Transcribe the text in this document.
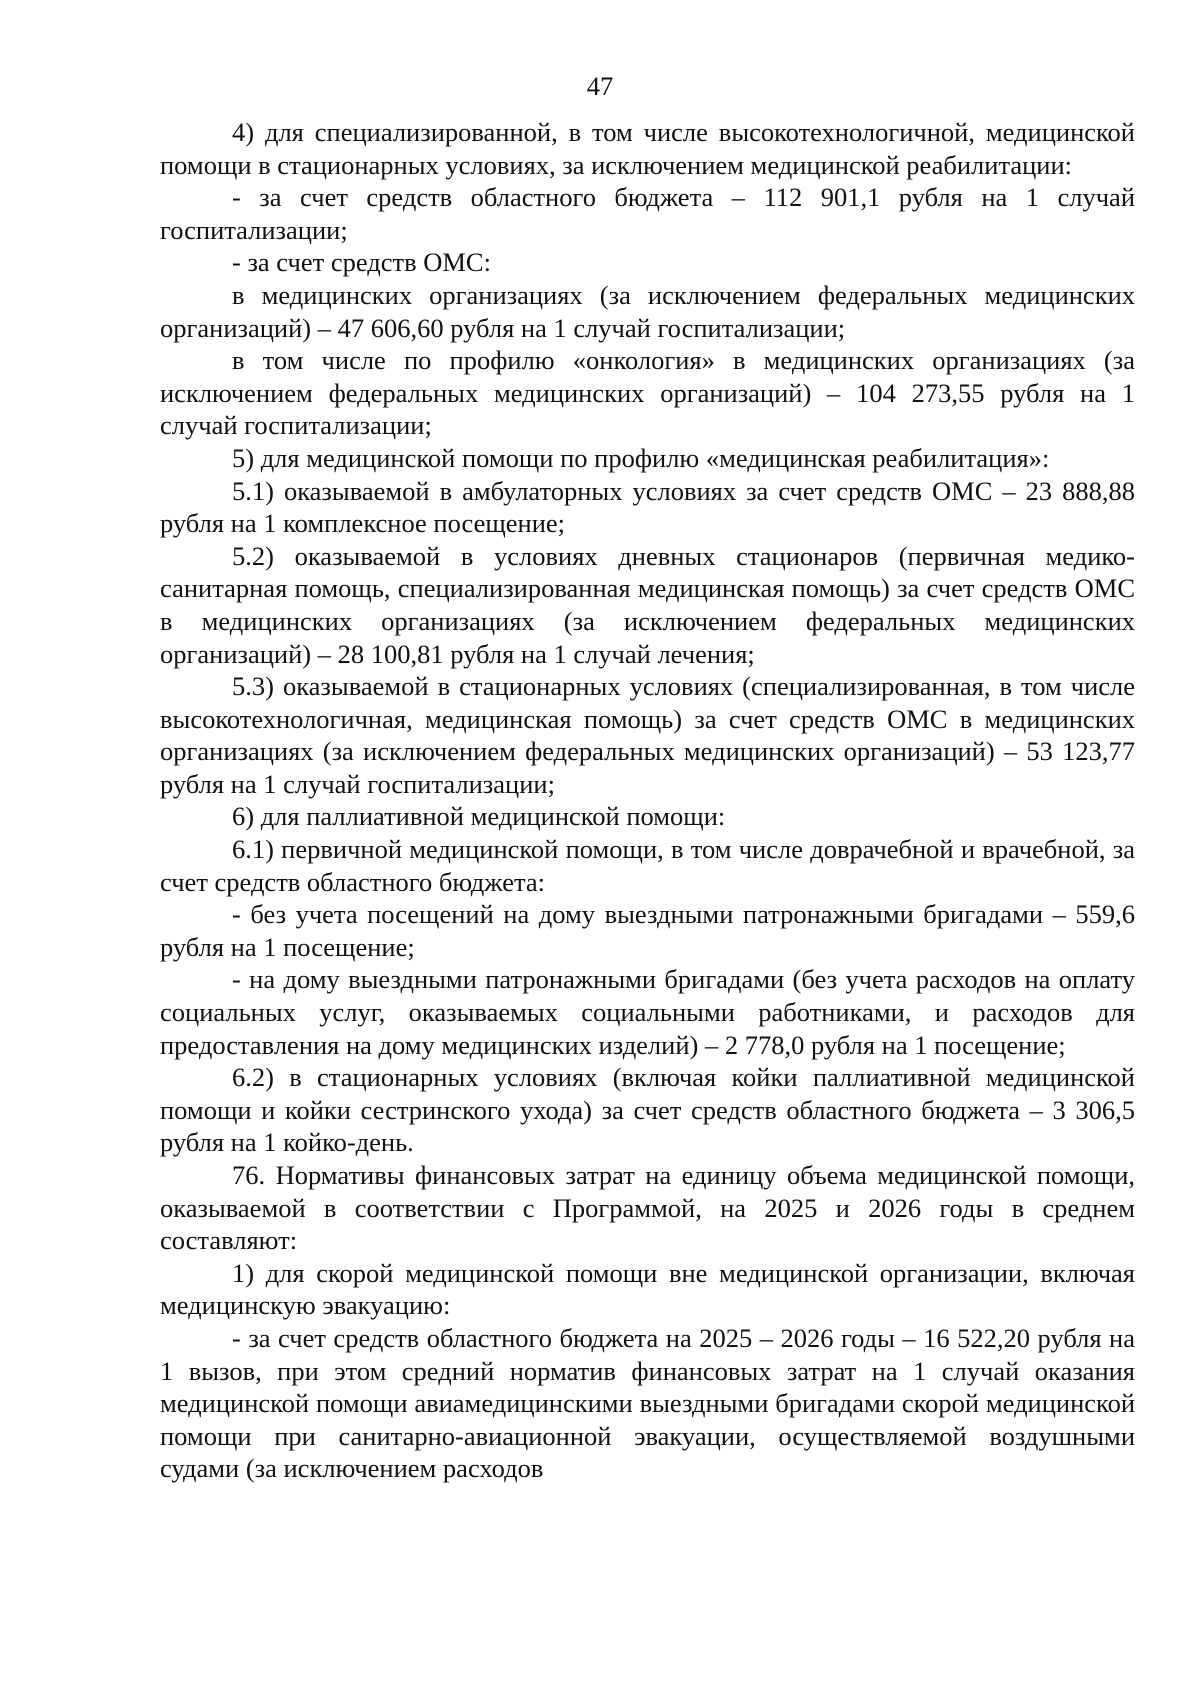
47

4) для специализированной, в том числе высокотехнологичной, медицинской помощи в стационарных условиях, за исключением медицинской реабилитации:

- за счет средств областного бюджета – 112 901,1 рубля на 1 случай госпитализации;

- за счет средств ОМС:

в медицинских организациях (за исключением федеральных медицинских организаций) – 47 606,60 рубля на 1 случай госпитализации;

в том числе по профилю «онкология» в медицинских организациях (за исключением федеральных медицинских организаций) – 104 273,55 рубля на 1 случай госпитализации;

5) для медицинской помощи по профилю «медицинская реабилитация»:

5.1) оказываемой в амбулаторных условиях за счет средств ОМС – 23 888,88 рубля на 1 комплексное посещение;

5.2) оказываемой в условиях дневных стационаров (первичная медико-санитарная помощь, специализированная медицинская помощь) за счет средств ОМС в медицинских организациях (за исключением федеральных медицинских организаций) – 28 100,81 рубля на 1 случай лечения;

5.3) оказываемой в стационарных условиях (специализированная, в том числе высокотехнологичная, медицинская помощь) за счет средств ОМС в медицинских организациях (за исключением федеральных медицинских организаций) – 53 123,77 рубля на 1 случай госпитализации;

6) для паллиативной медицинской помощи:

6.1) первичной медицинской помощи, в том числе доврачебной и врачебной, за счет средств областного бюджета:

- без учета посещений на дому выездными патронажными бригадами – 559,6 рубля на 1 посещение;

- на дому выездными патронажными бригадами (без учета расходов на оплату социальных услуг, оказываемых социальными работниками, и расходов для предоставления на дому медицинских изделий) – 2 778,0 рубля на 1 посещение;

6.2) в стационарных условиях (включая койки паллиативной медицинской помощи и койки сестринского ухода) за счет средств областного бюджета – 3 306,5 рубля на 1 койко-день.

76. Нормативы финансовых затрат на единицу объема медицинской помощи, оказываемой в соответствии с Программой, на 2025 и 2026 годы в среднем составляют:

1) для скорой медицинской помощи вне медицинской организации, включая медицинскую эвакуацию:

- за счет средств областного бюджета на 2025 – 2026 годы – 16 522,20 рубля на 1 вызов, при этом средний норматив финансовых затрат на 1 случай оказания медицинской помощи авиамедицинскими выездными бригадами скорой медицинской помощи при санитарно-авиационной эвакуации, осуществляемой воздушными судами (за исключением расходов
